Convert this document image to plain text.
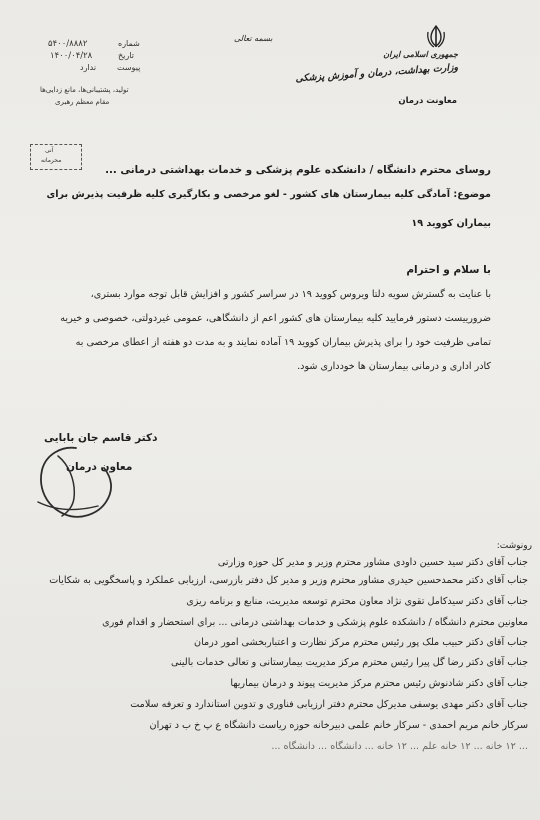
جمهوری اسلامی ایران
وزارت بهداشت، درمان و آموزش پزشکی
معاونت درمان
بسمه تعالی
شماره
۵۴۰۰/۸۸۸۲
تاریخ
۱۴۰۰/۰۴/۲۸
پیوست
ندارد
تولید، پشتیبانی‌ها، مانع زدایی‌ها
مقام معظم رهبری
آنی
محرمانه
روسای محترم دانشگاه / دانشکده علوم پزشکی و خدمات بهداشتی درمانی ...
موضوع: آمادگی کلیه بیمارستان های کشور - لغو مرخصی و بکارگیری کلیه ظرفیت پذیرش برای
بیماران کووید ۱۹
با سلام و احترام
با عنایت به گسترش سویه دلتا ویروس کووید ۱۹ در سراسر کشور و افزایش قابل توجه موارد بستری،
ضرورییست دستور فرمایید کلیه بیمارستان های کشور اعم از دانشگاهی، عمومی غیردولتی، خصوصی و خیریه
تمامی ظرفیت خود را برای پذیرش بیماران کووید ۱۹ آماده نمایند و به مدت دو هفته از اعطای مرخصی به
کادر اداری و درمانی بیمارستان ها خودداری شود.
دکتر قاسم جان بابایی
معاون درمان
رونوشت:
جناب آقای دکتر سید حسین داودی مشاور محترم وزیر و مدیر کل حوزه وزارتی
جناب آقای دکتر محمدحسین حیدری مشاور محترم وزیر و مدیر کل دفتر بازرسی، ارزیابی عملکرد و پاسخگویی به شکایات
جناب آقای دکتر سیدکامل تقوی نژاد معاون محترم توسعه مدیریت، منابع و برنامه ریزی
معاونین محترم دانشگاه / دانشکده علوم پزشکی و خدمات بهداشتی درمانی ... برای استحضار و اقدام فوری
جناب آقای دکتر حبیب ملک پور رئیس محترم مرکز نظارت و اعتباربخشی امور درمان
جناب آقای دکتر رضا گل پیرا رئیس محترم مرکز مدیریت بیمارستانی و تعالی خدمات بالینی
جناب آقای دکتر شادنوش رئیس محترم مرکز مدیریت پیوند و درمان بیماریها
جناب آقای دکتر مهدی یوسفی مدیرکل محترم دفتر ارزیابی فناوری و تدوین استاندارد و تعرفه سلامت
سرکار خانم مریم احمدی - سرکار خانم علمی دبیرخانه حوزه ریاست دانشگاه ع پ خ ب د تهران
... ۱۲ خانه ... ۱۲ خانه علم ... ۱۲ خانه ... دانشگاه ... دانشگاه ...
